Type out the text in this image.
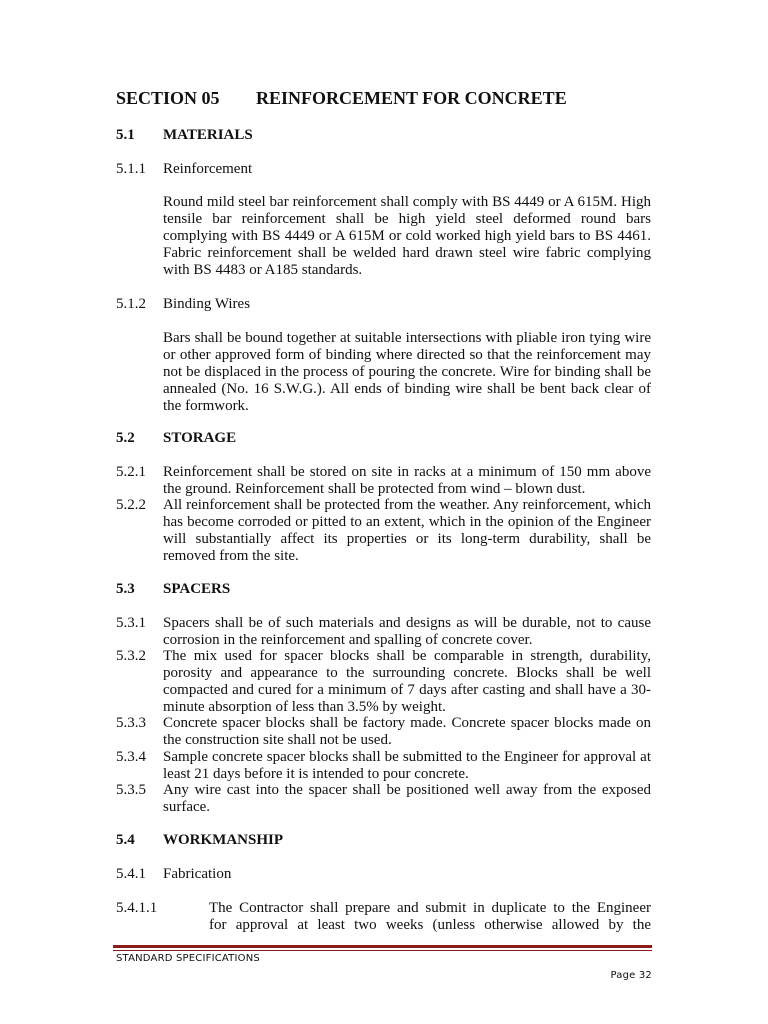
SECTION 05 REINFORCEMENT FOR CONCRETE
5.1 MATERIALS
5.1.1 Reinforcement
Round mild steel bar reinforcement shall comply with BS 4449 or A 615M. High tensile bar reinforcement shall be high yield steel deformed round bars complying with BS 4449 or A 615M or cold worked high yield bars to BS 4461. Fabric reinforcement shall be welded hard drawn steel wire fabric complying with BS 4483 or A185 standards.
5.1.2 Binding Wires
Bars shall be bound together at suitable intersections with pliable iron tying wire or other approved form of binding where directed so that the reinforcement may not be displaced in the process of pouring the concrete. Wire for binding shall be annealed (No. 16 S.W.G.). All ends of binding wire shall be bent back clear of the formwork.
5.2 STORAGE
5.2.1 Reinforcement shall be stored on site in racks at a minimum of 150 mm above the ground. Reinforcement shall be protected from wind – blown dust.
5.2.2 All reinforcement shall be protected from the weather. Any reinforcement, which has become corroded or pitted to an extent, which in the opinion of the Engineer will substantially affect its properties or its long-term durability, shall be removed from the site.
5.3 SPACERS
5.3.1 Spacers shall be of such materials and designs as will be durable, not to cause corrosion in the reinforcement and spalling of concrete cover.
5.3.2 The mix used for spacer blocks shall be comparable in strength, durability, porosity and appearance to the surrounding concrete. Blocks shall be well compacted and cured for a minimum of 7 days after casting and shall have a 30-minute absorption of less than 3.5% by weight.
5.3.3 Concrete spacer blocks shall be factory made. Concrete spacer blocks made on the construction site shall not be used.
5.3.4 Sample concrete spacer blocks shall be submitted to the Engineer for approval at least 21 days before it is intended to pour concrete.
5.3.5 Any wire cast into the spacer shall be positioned well away from the exposed surface.
5.4 WORKMANSHIP
5.4.1 Fabrication
5.4.1.1	The Contractor shall prepare and submit in duplicate to the Engineer
for approval at least two weeks (unless otherwise allowed by the
STANDARD SPECIFICATIONS
Page 32
